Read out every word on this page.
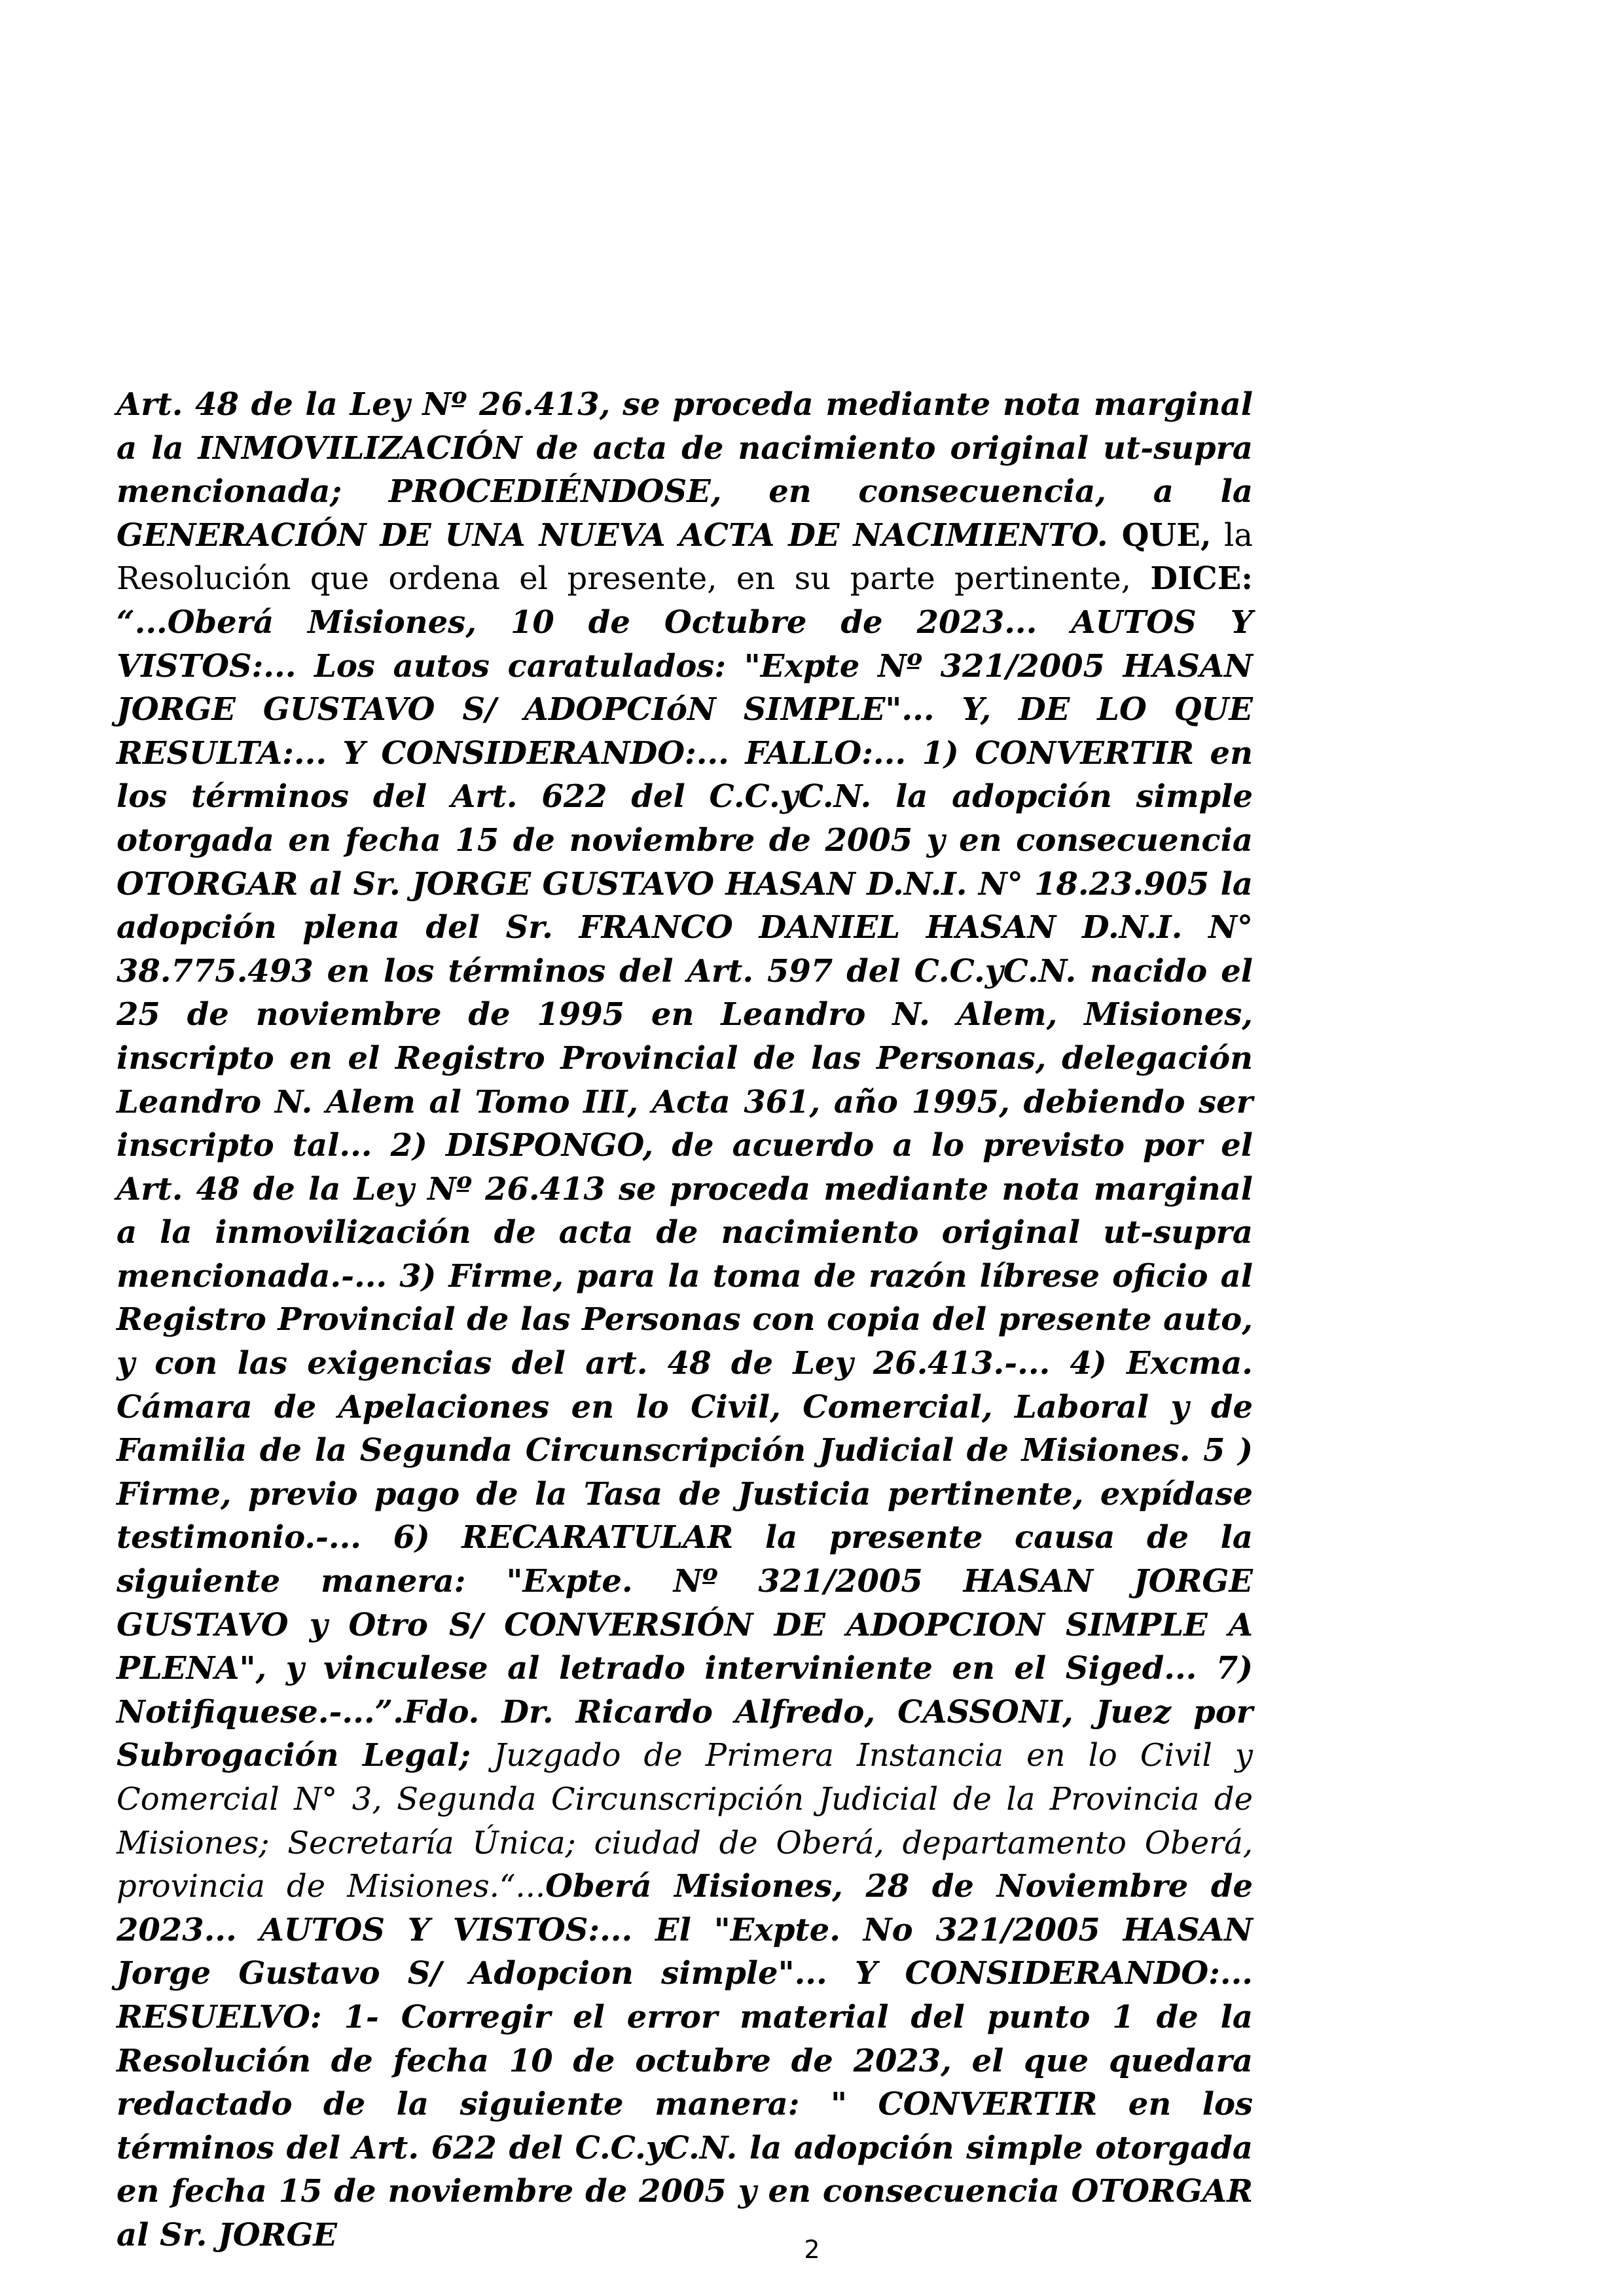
Art. 48 de la Ley Nº 26.413, se proceda mediante nota marginal a la INMOVILIZACIÓN de acta de nacimiento original ut-supra mencionada; PROCEDIÉNDOSE, en consecuencia, a la GENERACIÓN DE UNA NUEVA ACTA DE NACIMIENTO. QUE, la Resolución que ordena el presente, en su parte pertinente, DICE: “...Oberá Misiones, 10 de Octubre de 2023... AUTOS Y VISTOS:... Los autos caratulados: "Expte Nº 321/2005 HASAN JORGE GUSTAVO S/ ADOPCIóN SIMPLE"... Y, DE LO QUE RESULTA:... Y CONSIDERANDO:... FALLO:... 1) CONVERTIR en los términos del Art. 622 del C.C.yC.N. la adopción simple otorgada en fecha 15 de noviembre de 2005 y en consecuencia OTORGAR al Sr. JORGE GUSTAVO HASAN D.N.I. N° 18.23.905 la adopción plena del Sr. FRANCO DANIEL HASAN D.N.I. N° 38.775.493 en los términos del Art. 597 del C.C.yC.N. nacido el 25 de noviembre de 1995 en Leandro N. Alem, Misiones, inscripto en el Registro Provincial de las Personas, delegación Leandro N. Alem al Tomo III, Acta 361, año 1995, debiendo ser inscripto tal... 2) DISPONGO, de acuerdo a lo previsto por el Art. 48 de la Ley Nº 26.413 se proceda mediante nota marginal a la inmovilización de acta de nacimiento original ut-supra mencionada.-... 3) Firme, para la toma de razón líbrese oficio al Registro Provincial de las Personas con copia del presente auto, y con las exigencias del art. 48 de Ley 26.413.-... 4) Excma. Cámara de Apelaciones en lo Civil, Comercial, Laboral y de Familia de la Segunda Circunscripción Judicial de Misiones. 5 ) Firme, previo pago de la Tasa de Justicia pertinente, expídase testimonio.-... 6) RECARATULAR la presente causa de la siguiente manera: "Expte. Nº 321/2005 HASAN JORGE GUSTAVO y Otro S/ CONVERSIÓN DE ADOPCION SIMPLE A PLENA", y vinculese al letrado interviniente en el Siged... 7) Notifiquese.-...”.Fdo. Dr. Ricardo Alfredo, CASSONI, Juez por Subrogación Legal; Juzgado de Primera Instancia en lo Civil y Comercial N° 3, Segunda Circunscripción Judicial de la Provincia de Misiones; Secretaría Única; ciudad de Oberá, departamento Oberá, provincia de Misiones.“...Oberá Misiones, 28 de Noviembre de 2023... AUTOS Y VISTOS:... El "Expte. No 321/2005 HASAN Jorge Gustavo S/ Adopcion simple"... Y CONSIDERANDO:... RESUELVO: 1- Corregir el error material del punto 1 de la Resolución de fecha 10 de octubre de 2023, el que quedara redactado de la siguiente manera: " CONVERTIR en los términos del Art. 622 del C.C.yC.N. la adopción simple otorgada en fecha 15 de noviembre de 2005 y en consecuencia OTORGAR al Sr. JORGE	2
